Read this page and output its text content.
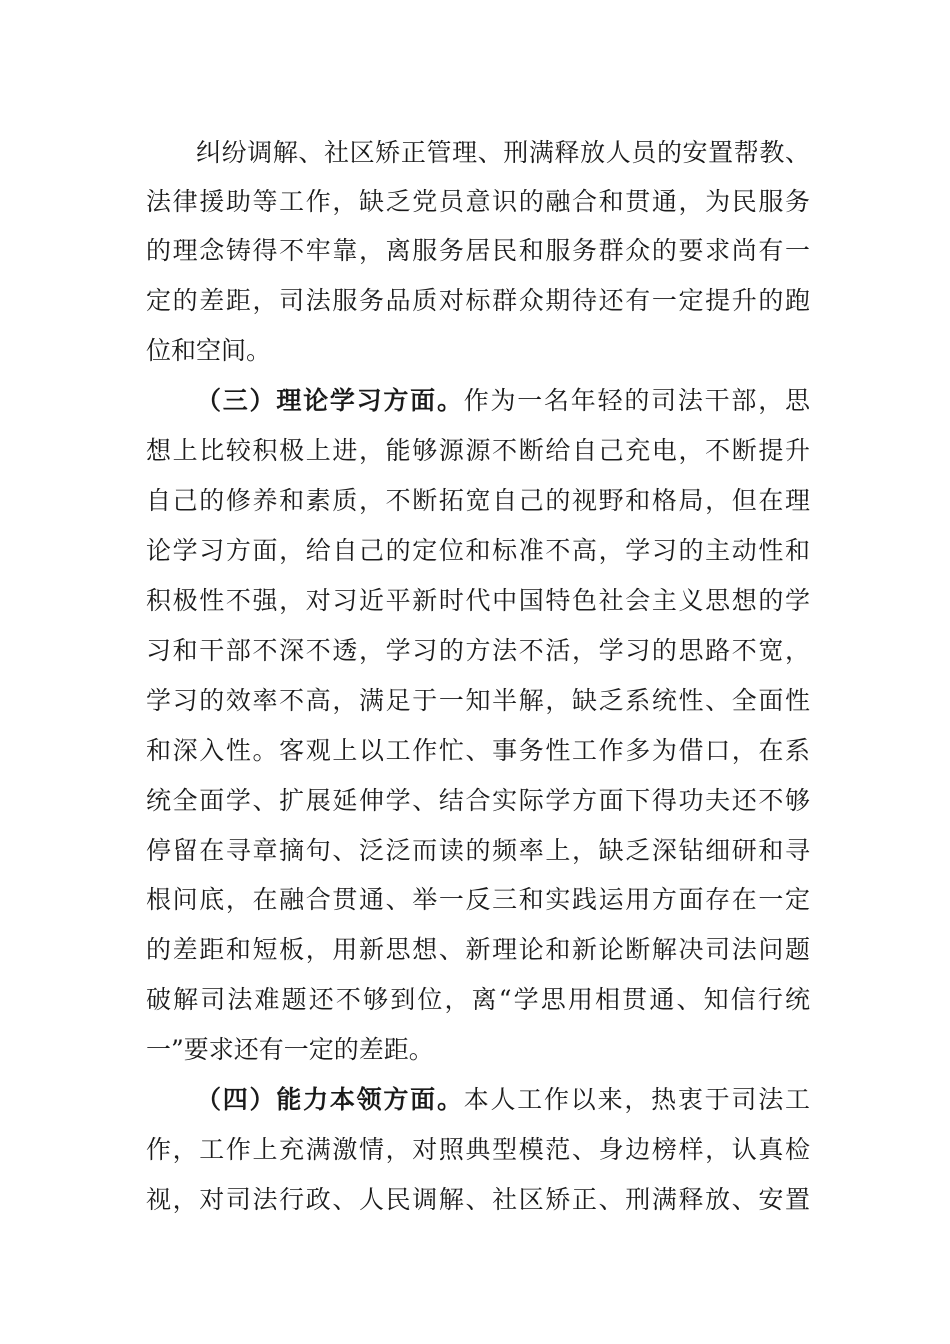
纠纷调解、社区矫正管理、刑满释放人员的安置帮教、
法律援助等工作，缺乏党员意识的融合和贯通，为民服务
的理念铸得不牢靠，离服务居民和服务群众的要求尚有一
定的差距，司法服务品质对标群众期待还有一定提升的跑
位和空间。
（三）理论学习方面。作为一名年轻的司法干部，思
想上比较积极上进，能够源源不断给自己充电，不断提升
自己的修养和素质，不断拓宽自己的视野和格局，但在理
论学习方面，给自己的定位和标准不高，学习的主动性和
积极性不强，对习近平新时代中国特色社会主义思想的学
习和干部不深不透，学习的方法不活，学习的思路不宽，
学习的效率不高，满足于一知半解，缺乏系统性、全面性
和深入性。客观上以工作忙、事务性工作多为借口，在系
统全面学、扩展延伸学、结合实际学方面下得功夫还不够
停留在寻章摘句、泛泛而读的频率上，缺乏深钻细研和寻
根问底，在融合贯通、举一反三和实践运用方面存在一定
的差距和短板，用新思想、新理论和新论断解决司法问题
破解司法难题还不够到位，离“学思用相贯通、知信行统
一”要求还有一定的差距。
（四）能力本领方面。本人工作以来，热衷于司法工
作，工作上充满激情，对照典型模范、身边榜样，认真检
视，对司法行政、人民调解、社区矫正、刑满释放、安置
